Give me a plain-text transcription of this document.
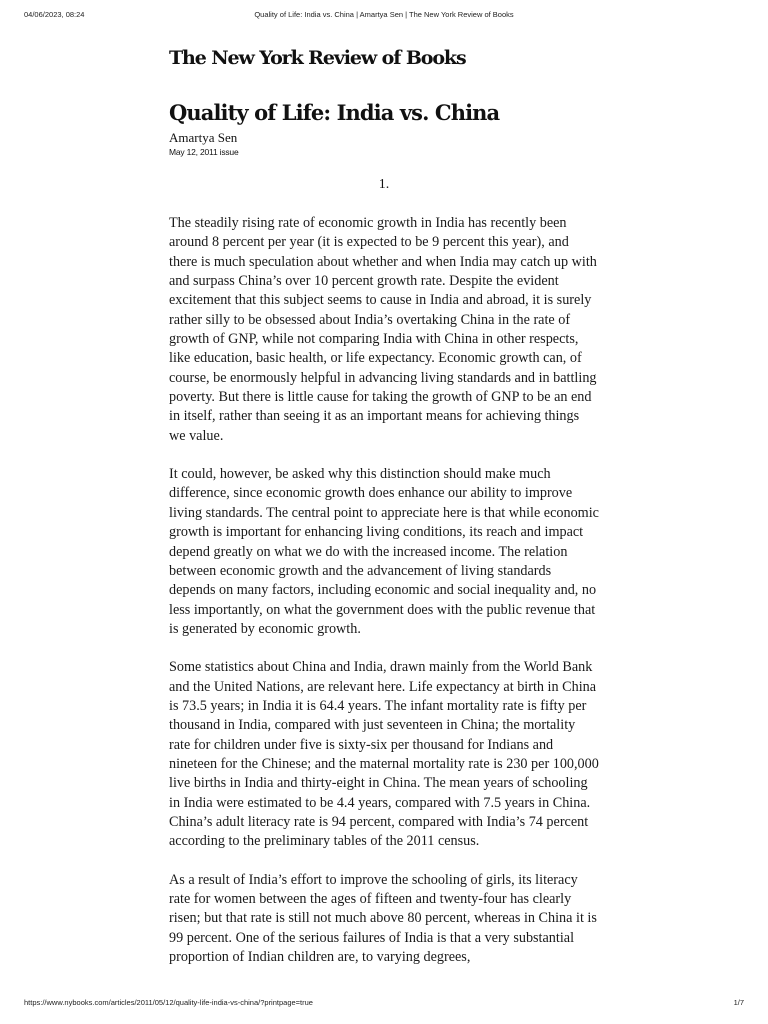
04/06/2023, 08:24	Quality of Life: India vs. China | Amartya Sen | The New York Review of Books
The New York Review of Books
Quality of Life: India vs. China
Amartya Sen
May 12, 2011 issue
1.

The steadily rising rate of economic growth in India has recently been around 8 percent per year (it is expected to be 9 percent this year), and there is much speculation about whether and when India may catch up with and surpass China’s over 10 percent growth rate. Despite the evident excitement that this subject seems to cause in India and abroad, it is surely rather silly to be obsessed about India’s overtaking China in the rate of growth of GNP, while not comparing India with China in other respects, like education, basic health, or life expectancy. Economic growth can, of course, be enormously helpful in advancing living standards and in battling poverty. But there is little cause for taking the growth of GNP to be an end in itself, rather than seeing it as an important means for achieving things we value.

It could, however, be asked why this distinction should make much difference, since economic growth does enhance our ability to improve living standards. The central point to appreciate here is that while economic growth is important for enhancing living conditions, its reach and impact depend greatly on what we do with the increased income. The relation between economic growth and the advancement of living standards depends on many factors, including economic and social inequality and, no less importantly, on what the government does with the public revenue that is generated by economic growth.

Some statistics about China and India, drawn mainly from the World Bank and the United Nations, are relevant here. Life expectancy at birth in China is 73.5 years; in India it is 64.4 years. The infant mortality rate is fifty per thousand in India, compared with just seventeen in China; the mortality rate for children under five is sixty-six per thousand for Indians and nineteen for the Chinese; and the maternal mortality rate is 230 per 100,000 live births in India and thirty-eight in China. The mean years of schooling in India were estimated to be 4.4 years, compared with 7.5 years in China. China’s adult literacy rate is 94 percent, compared with India’s 74 percent according to the preliminary tables of the 2011 census.

As a result of India’s effort to improve the schooling of girls, its literacy rate for women between the ages of fifteen and twenty-four has clearly risen; but that rate is still not much above 80 percent, whereas in China it is 99 percent. One of the serious failures of India is that a very substantial proportion of Indian children are, to varying degrees,

https://www.nybooks.com/articles/2011/05/12/quality-life-india-vs-china/?printpage=true	1/7
